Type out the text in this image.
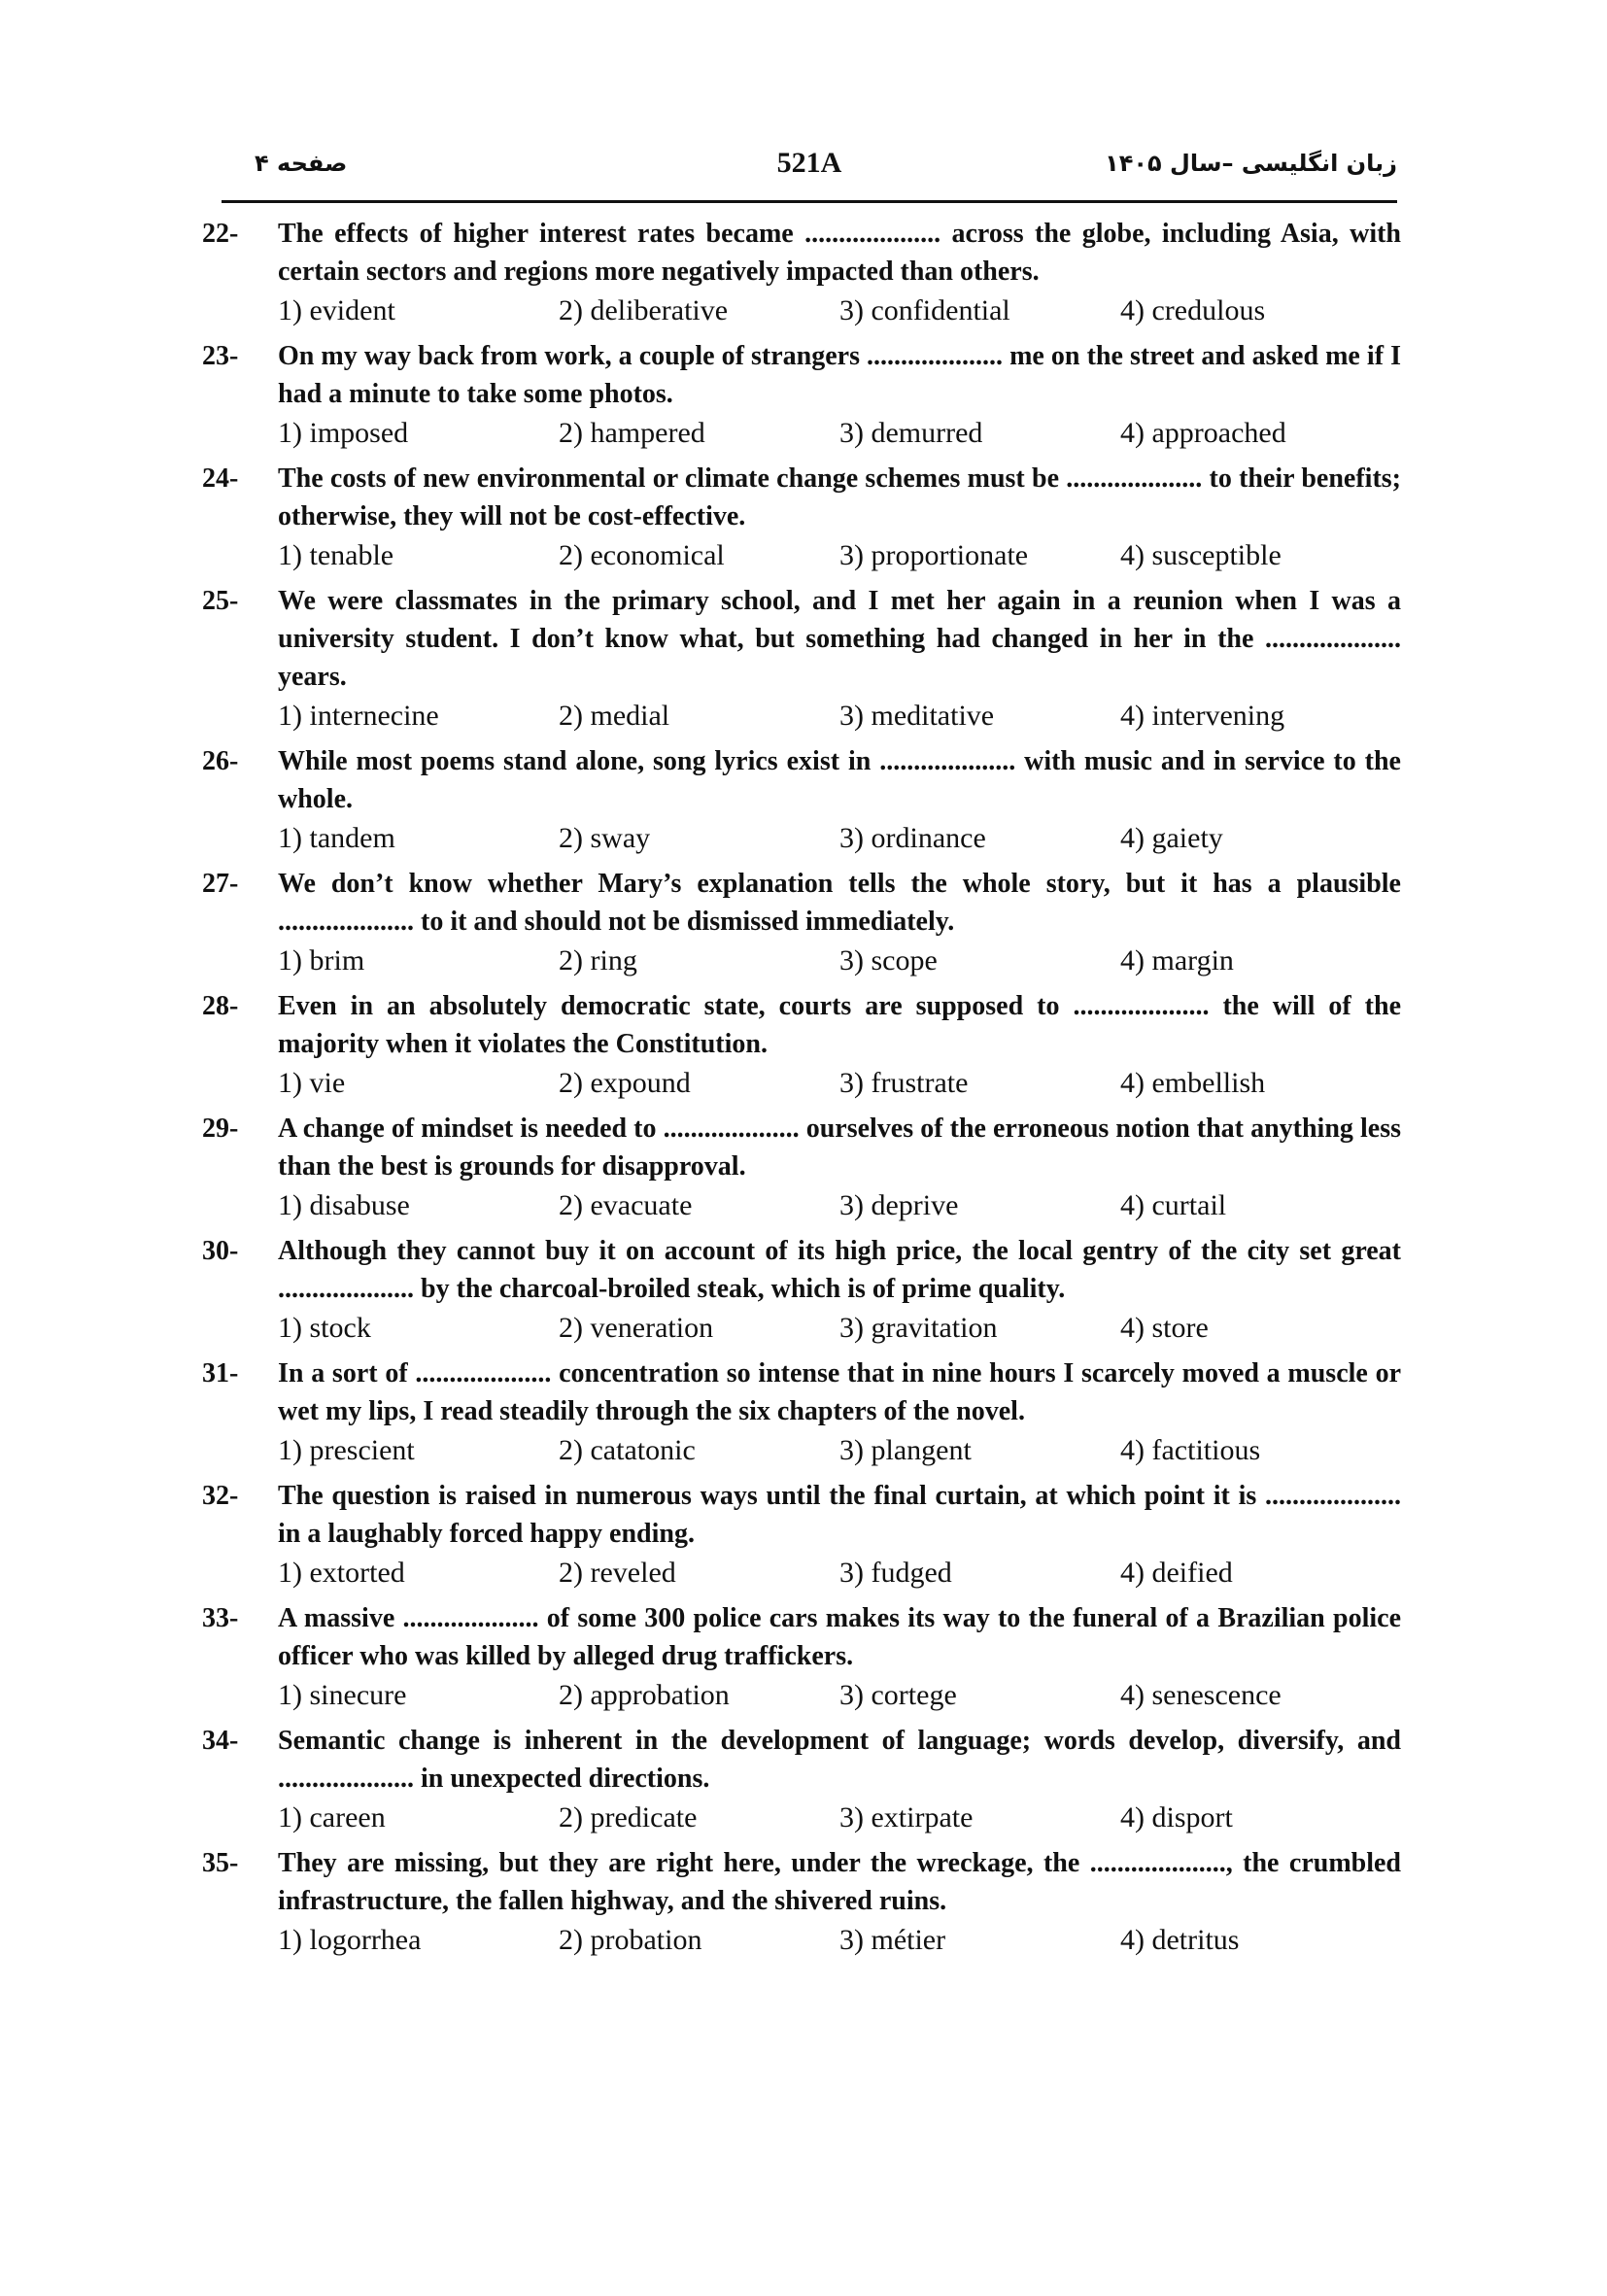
صفحه ۴	521A	زبان انگلیسی –سال ۱۴۰۵
22- The effects of higher interest rates became .................... across the globe, including Asia, with certain sectors and regions more negatively impacted than others.
1) evident	2) deliberative	3) confidential	4) credulous
23- On my way back from work, a couple of strangers .................... me on the street and asked me if I had a minute to take some photos.
1) imposed	2) hampered	3) demurred	4) approached
24- The costs of new environmental or climate change schemes must be .................... to their benefits; otherwise, they will not be cost-effective.
1) tenable	2) economical	3) proportionate	4) susceptible
25- We were classmates in the primary school, and I met her again in a reunion when I was a university student. I don’t know what, but something had changed in her in the .................... years.
1) internecine	2) medial	3) meditative	4) intervening
26- While most poems stand alone, song lyrics exist in .................... with music and in service to the whole.
1) tandem	2) sway	3) ordinance	4) gaiety
27- We don’t know whether Mary’s explanation tells the whole story, but it has a plausible .................... to it and should not be dismissed immediately.
1) brim	2) ring	3) scope	4) margin
28- Even in an absolutely democratic state, courts are supposed to .................... the will of the majority when it violates the Constitution.
1) vie	2) expound	3) frustrate	4) embellish
29- A change of mindset is needed to .................... ourselves of the erroneous notion that anything less than the best is grounds for disapproval.
1) disabuse	2) evacuate	3) deprive	4) curtail
30- Although they cannot buy it on account of its high price, the local gentry of the city set great .................... by the charcoal-broiled steak, which is of prime quality.
1) stock	2) veneration	3) gravitation	4) store
31- In a sort of .................... concentration so intense that in nine hours I scarcely moved a muscle or wet my lips, I read steadily through the six chapters of the novel.
1) prescient	2) catatonic	3) plangent	4) factitious
32- The question is raised in numerous ways until the final curtain, at which point it is .................... in a laughably forced happy ending.
1) extorted	2) reveled	3) fudged	4) deified
33- A massive .................... of some 300 police cars makes its way to the funeral of a Brazilian police officer who was killed by alleged drug traffickers.
1) sinecure	2) approbation	3) cortege	4) senescence
34- Semantic change is inherent in the development of language; words develop, diversify, and .................... in unexpected directions.
1) careen	2) predicate	3) extirpate	4) disport
35- They are missing, but they are right here, under the wreckage, the ...................., the crumbled infrastructure, the fallen highway, and the shivered ruins.
1) logorrhea	2) probation	3) métier	4) detritus
